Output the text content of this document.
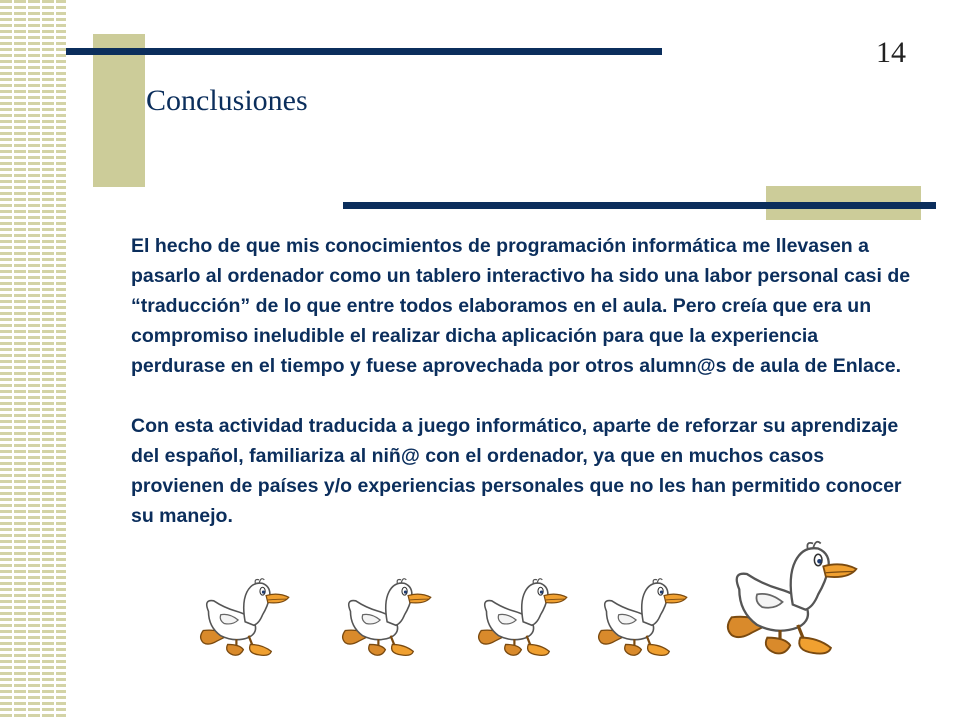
14
Conclusiones

El hecho de que mis conocimientos de programación informática me llevasen a pasarlo al ordenador como un tablero interactivo ha sido una labor personal casi de “traducción” de lo que entre todos elaboramos en el aula. Pero creía que era un compromiso ineludible el realizar dicha aplicación para que la experiencia perdurase en el tiempo y fuese aprovechada por otros alumn@s de aula de Enlace.

Con esta actividad traducida a juego informático, aparte de reforzar su aprendizaje del español, familiariza al niñ@ con el ordenador, ya que en muchos casos provienen de países y/o experiencias personales que no les han permitido conocer su manejo.
